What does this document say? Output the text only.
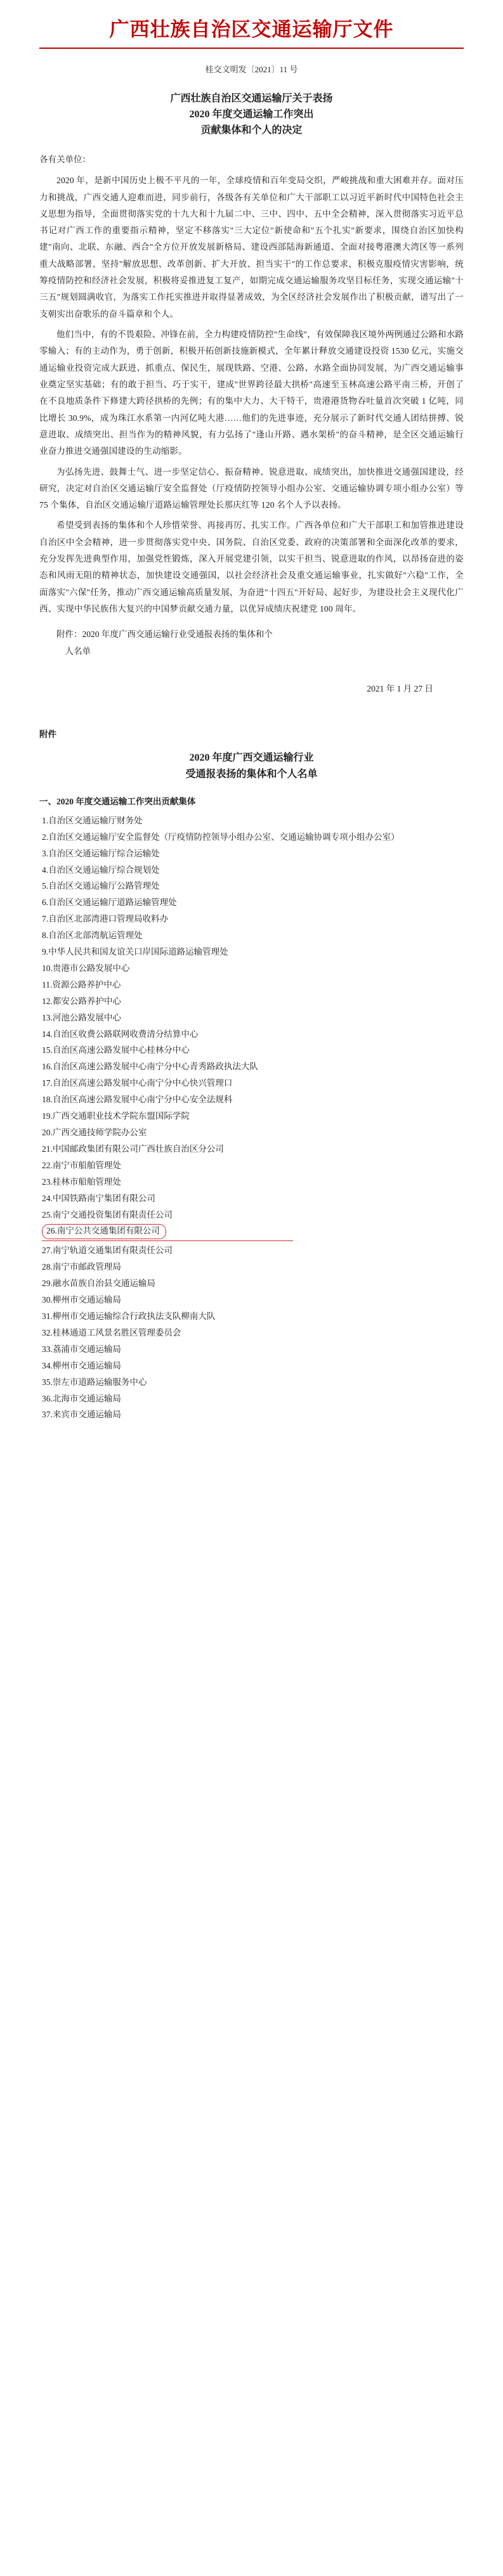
广西壮族自治区交通运输厅文件
桂交文明发〔2021〕11 号
广西壮族自治区交通运输厅关于表扬
2020 年度交通运输工作突出
贡献集体和个人的决定
各有关单位：

2020 年，是新中国历史上极不平凡的一年，全球疫情和百年变局交织，严峻挑战和重大困难并存。面对压力和挑战，广西交通人迎难而进，同步前行，各级各有关单位和广大干部职工以习近平新时代中国特色社会主义思想为指导，全面贯彻落实党的十九大和十九届二中、三中、四中、五中全会精神，深入贯彻落实习近平总书记对广西工作的重要指示精神，坚定不移落实"三大定位"新使命和"五个扎实"新要求，围绕自治区加快构建"南向、北联、东融、西合"全方位开放发展新格局、建设西部陆海新通道、全面对接粤港澳大湾区等一系列重大战略部署，坚持"解放思想、改革创新、扩大开放、担当实干"的工作总要求，积极克服疫情灾害影响，统筹疫情防控和经济社会发展，积极将妥推进复工复产，如期完成交通运输服务攻坚目标任务，实现交通运输"十三五"规划圆满收官，为落实工作托实推进并取得显著成效，为全区经济社会发展作出了积极贡献，谱写出了一支朝实出奋歌乐的奋斗篇章和个人。

他们当中，有的不畏艰险、冲锋在前，全力构建疫情防控"生命线"，有效保障我区境外两例通过公路和水路零输入；有的主动作为，勇于创新，积极开拓创新技施新模式，全年累计释放交通建设投资 1530 亿元，实施交通运输业投资完成大跃进、抓重点、保民生，展现铁路、空港、公路、水路全面协同发展，为广西交通运输事业奠定坚实基础；有的敢于担当、巧于实干，建成"世界跨径最大拱桥"高速至玉林高速公路平南三桥，开创了在不良地质条件下修建大跨径拱桥的先例；有的集中大力、大干特干，贵港港货物吞吐量首次突破 1 亿吨，同比增长 30.9%，成为珠江水系第一内河亿吨大港……他们的先进事迹，充分展示了新时代交通人团结拼搏、锐意进取、成绩突出、担当作为的精神风貌，有力弘扬了"逢山开路、遇水架桥"的奋斗精神，是全区交通运输行业奋力推进交通强国建设的生动缩影。

为弘扬先进、鼓舞士气、进一步坚定信心、振奋精神、锐意进取、成绩突出，加快推进交通强国建设，经研究，决定对自治区交通运输厅安全监督处（厅疫情防控领导小组办公室、交通运输协调专项小组办公室）等 75 个集体，自治区交通运输厅道路运输管理处长那庆红等 120 名个人予以表扬。

希望受到表扬的集体和个人珍惜荣誉、再接再厉、扎实工作。广西各单位和广大干部职工和加管推进建设自治区中全会精神，进一步贯彻落实党中央、国务院、自治区党委、政府的决策部署和全面深化改革的要求，充分发挥先进典型作用，加强党性锻炼，深入开展党建引领，以实干担当、锐意进取的作风，以昂扬奋进的姿态和风雨无阻的精神状态，加快建设交通强国，以社会经济社会及重交通运输事业，扎实做好"六稳"工作，全面落实"六保"任务，推动广西交通运输高质量发展，为奋进"十四五"开好局、起好步，为建设社会主义现代化广西、实现中华民族伟大复兴的中国梦贡献交通力量，以优异成绩庆祝建党 100 周年。

附件：2020 年度广西交通运输行业受通报表扬的集体和个
人名单
2021 年 1 月 27 日
附件
2020 年度广西交通运输行业
受通报表扬的集体和个人名单
一、2020 年度交通运输工作突出贡献集体
1.自治区交通运输厅财务处
2.自治区交通运输厅安全监督处（厅疫情防控领导小组办公室、交通运输协调专项小组办公室）
3.自治区交通运输厅综合运输处
4.自治区交通运输厅综合规划处
5.自治区交通运输厅公路管理处
6.自治区交通运输厅道路运输管理处
7.自治区北部湾港口管理局收料办
8.自治区北部湾航运管理处
9.中华人民共和国友谊关口岸国际道路运输管理处
10.贵港市公路发展中心
11.资源公路养护中心
12.都安公路养护中心
13.河池公路发展中心
14.自治区收费公路联网收费清分结算中心
15.自治区高速公路发展中心桂林分中心
16.自治区高速公路发展中心南宁分中心青秀路政执法大队
17.自治区高速公路发展中心南宁分中心快兴管理口
18.自治区高速公路发展中心南宁分中心安全法规科
19.广西交通职业技术学院东盟国际学院
20.广西交通技师学院办公室
21.中国邮政集团有限公司广西壮族自治区分公司
22.南宁市船舶管理处
23.桂林市船舶管理处
24.中国铁路南宁集团有限公司
25.南宁交通投资集团有限责任公司
26.南宁公共交通集团有限公司
27.南宁轨道交通集团有限责任公司
28.南宁市邮政管理局
29.融水苗族自治县交通运输局
30.柳州市交通运输局
31.柳州市交通运输综合行政执法支队柳南大队
32.桂林通道工风景名胜区管理委员会
33.荔浦市交通运输局
34.柳州市交通运输局
35.崇左市道路运输服务中心
36.北海市交通运输局
37.来宾市交通运输局
